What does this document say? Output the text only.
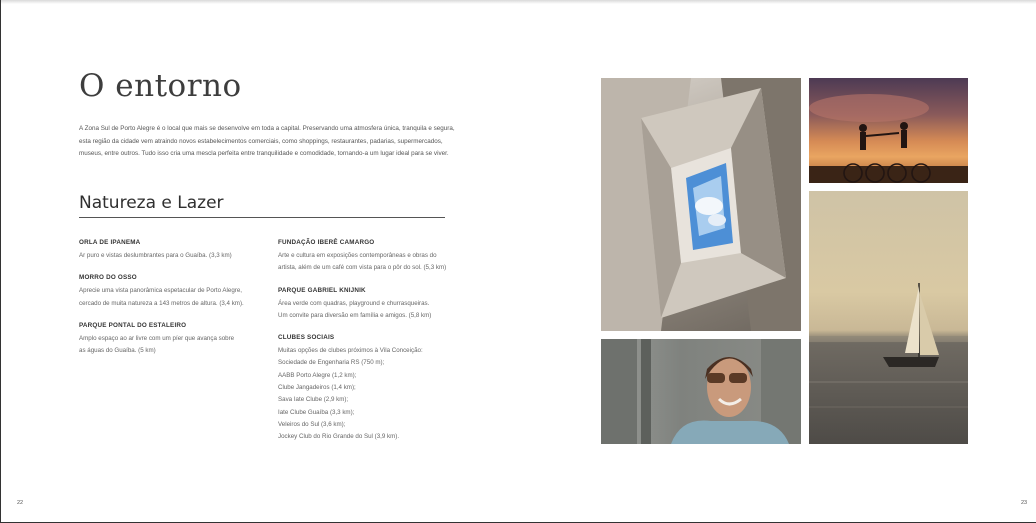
O entorno

A Zona Sul de Porto Alegre é o local que mais se desenvolve em toda a capital. Preservando uma atmosfera única, tranquila e segura, esta região da cidade vem atraindo novos estabelecimentos comerciais, como shoppings, restaurantes, padarias, supermercados, museus, entre outros. Tudo isso cria uma mescla perfeita entre tranquilidade e comodidade, tornando-a um lugar ideal para se viver.

Natureza e Lazer
ORLA DE IPANEMA

Ar puro e vistas deslumbrantes para o Guaíba. (3,3 km)

MORRO DO OSSO

Aprecie uma vista panorâmica espetacular de Porto Alegre,
cercado de muita natureza a 143 metros de altura. (3,4 km).

PARQUE PONTAL DO ESTALEIRO

Amplo espaço ao ar livre com um píer que avança sobre
as águas do Guaíba. (5 km)

FUNDAÇÃO IBERÊ CAMARGO

Arte e cultura em exposições contemporâneas e obras do
artista, além de um café com vista para o pôr do sol. (5,3 km)

PARQUE GABRIEL KNIJNIK

Área verde com quadras, playground e churrasqueiras.
Um convite para diversão em família e amigos. (5,8 km)

CLUBES SOCIAIS

Muitas opções de clubes próximos à Vila Conceição:
Sociedade de Engenharia RS (750 m);
AABB Porto Alegre (1,2 km);
Clube Jangadeiros (1,4 km);
Sava Iate Clube (2,9 km);
Iate Clube Guaíba (3,3 km);
Veleiros do Sul (3,6 km);
Jockey Club do Rio Grande do Sul (3,9 km).

22	23
